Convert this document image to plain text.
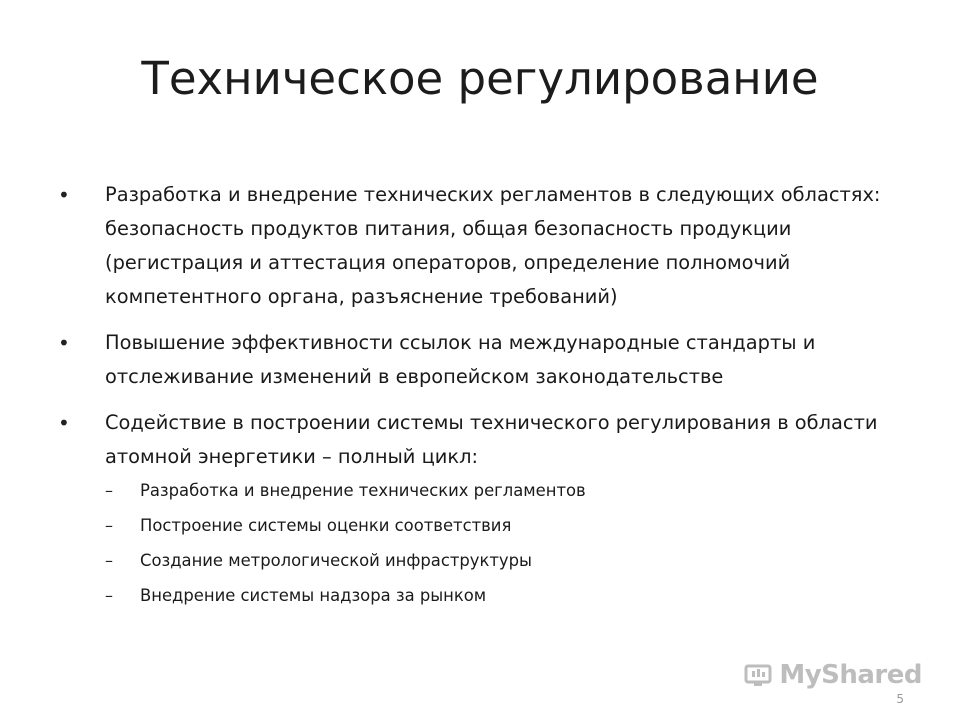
Техническое регулирование
• Разработка и внедрение технических регламентов в следующих областях: безопасность продуктов питания, общая безопасность продукции (регистрация и аттестация операторов, определение полномочий компетентного органа, разъяснение требований)
• Повышение эффективности ссылок на международные стандарты и отслеживание изменений в европейском законодательстве
• Содействие в построении системы технического регулирования в области атомной энергетики – полный цикл:
– Разработка и внедрение технических регламентов
– Построение системы оценки соответствия
– Создание метрологической инфраструктуры
– Внедрение системы надзора за рынком
MyShared
5
